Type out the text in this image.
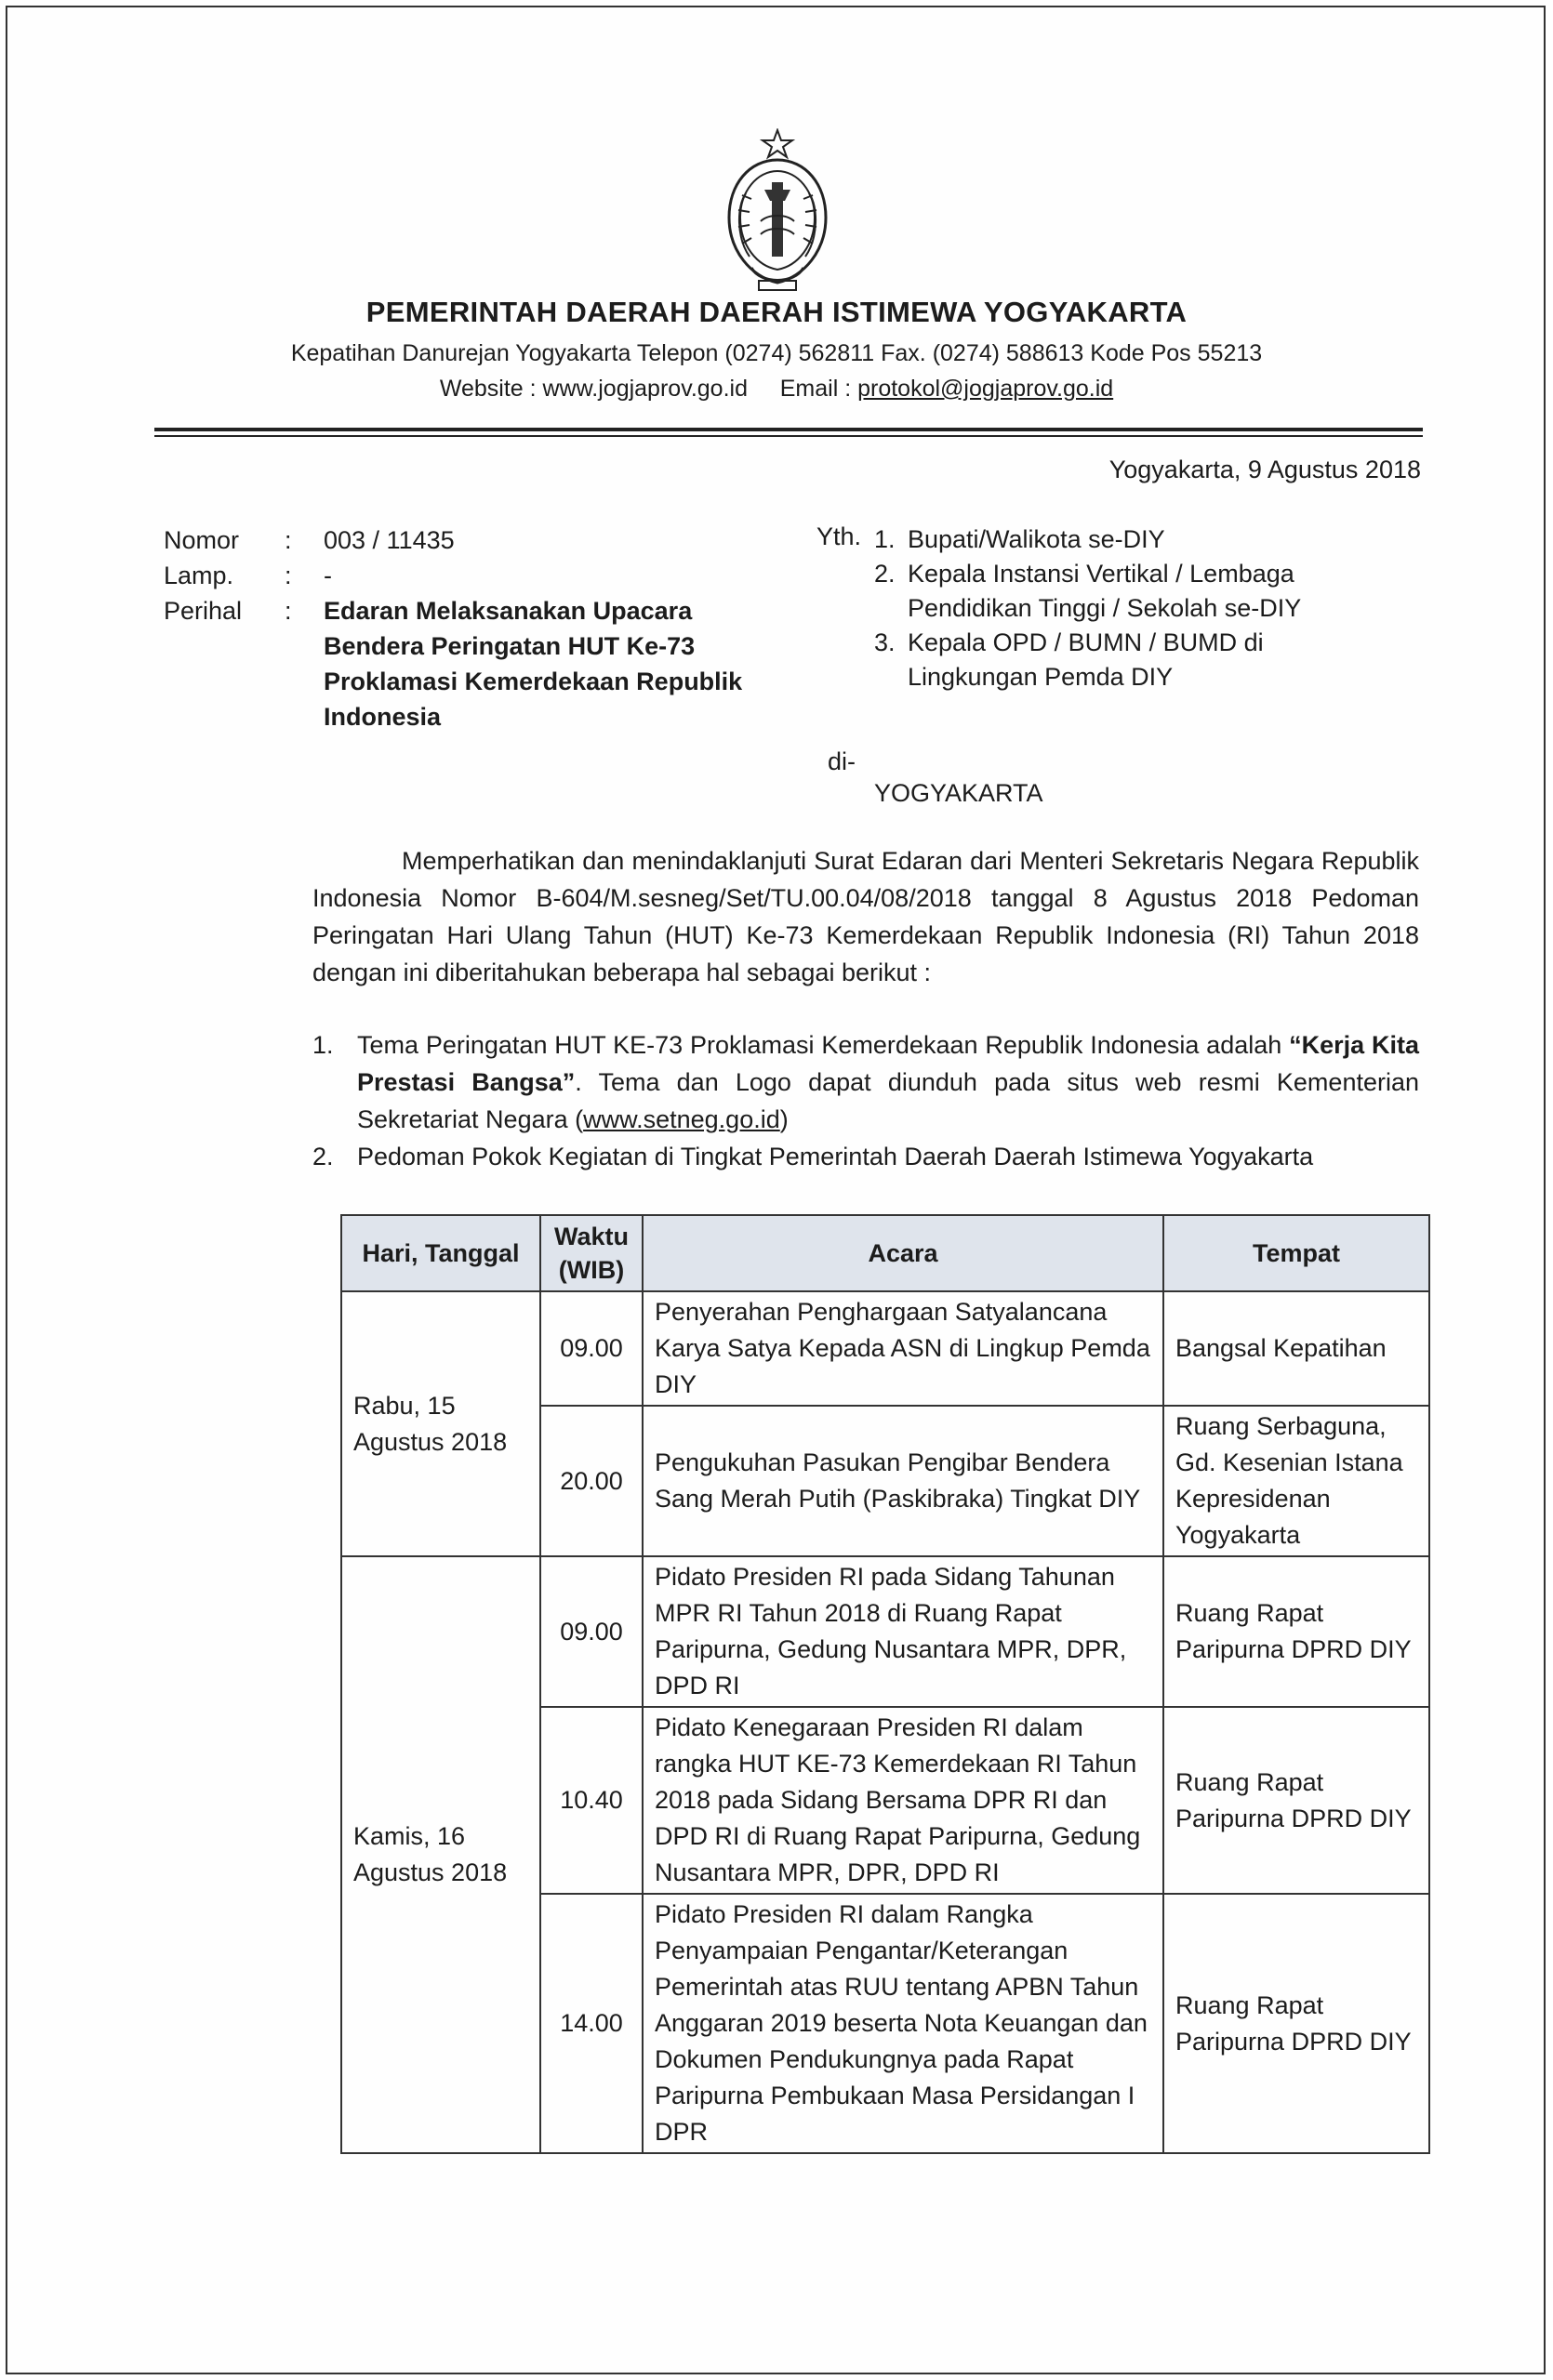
PEMERINTAH DAERAH DAERAH ISTIMEWA YOGYAKARTA
Kepatihan Danurejan Yogyakarta Telepon (0274) 562811 Fax. (0274) 588613 Kode Pos 55213
Website : www.jogjaprov.go.id Email : protokol@jogjaprov.go.id
Yogyakarta, 9 Agustus 2018
Nomor	:	003 / 11435
Lamp.	:	-
Perihal	:	Edaran Melaksanakan Upacara Bendera Peringatan HUT Ke-73 Proklamasi Kemerdekaan Republik Indonesia
Yth. 1. Bupati/Walikota se-DIY
2. Kepala Instansi Vertikal / Lembaga Pendidikan Tinggi / Sekolah se-DIY
3. Kepala OPD / BUMN / BUMD di Lingkungan Pemda DIY
di-
YOGYAKARTA
Memperhatikan dan menindaklanjuti Surat Edaran dari Menteri Sekretaris Negara Republik Indonesia Nomor B-604/M.sesneg/Set/TU.00.04/08/2018 tanggal 8 Agustus 2018 Pedoman Peringatan Hari Ulang Tahun (HUT) Ke-73 Kemerdekaan Republik Indonesia (RI) Tahun 2018 dengan ini diberitahukan beberapa hal sebagai berikut :
1. Tema Peringatan HUT KE-73 Proklamasi Kemerdekaan Republik Indonesia adalah “Kerja Kita Prestasi Bangsa”. Tema dan Logo dapat diunduh pada situs web resmi Kementerian Sekretariat Negara (www.setneg.go.id)
2. Pedoman Pokok Kegiatan di Tingkat Pemerintah Daerah Daerah Istimewa Yogyakarta
Hari, Tanggal	Waktu (WIB)	Acara	Tempat
Rabu, 15 Agustus 2018	09.00	Penyerahan Penghargaan Satyalancana Karya Satya Kepada ASN di Lingkup Pemda DIY	Bangsal Kepatihan
	20.00	Pengukuhan Pasukan Pengibar Bendera Sang Merah Putih (Paskibraka) Tingkat DIY	Ruang Serbaguna, Gd. Kesenian Istana Kepresidenan Yogyakarta
Kamis, 16 Agustus 2018	09.00	Pidato Presiden RI pada Sidang Tahunan MPR RI Tahun 2018 di Ruang Rapat Paripurna, Gedung Nusantara MPR, DPR, DPD RI	Ruang Rapat Paripurna DPRD DIY
	10.40	Pidato Kenegaraan Presiden RI dalam rangka HUT KE-73 Kemerdekaan RI Tahun 2018 pada Sidang Bersama DPR RI dan DPD RI di Ruang Rapat Paripurna, Gedung Nusantara MPR, DPR, DPD RI	Ruang Rapat Paripurna DPRD DIY
	14.00	Pidato Presiden RI dalam Rangka Penyampaian Pengantar/Keterangan Pemerintah atas RUU tentang APBN Tahun Anggaran 2019 beserta Nota Keuangan dan Dokumen Pendukungnya pada Rapat Paripurna Pembukaan Masa Persidangan I DPR	Ruang Rapat Paripurna DPRD DIY
